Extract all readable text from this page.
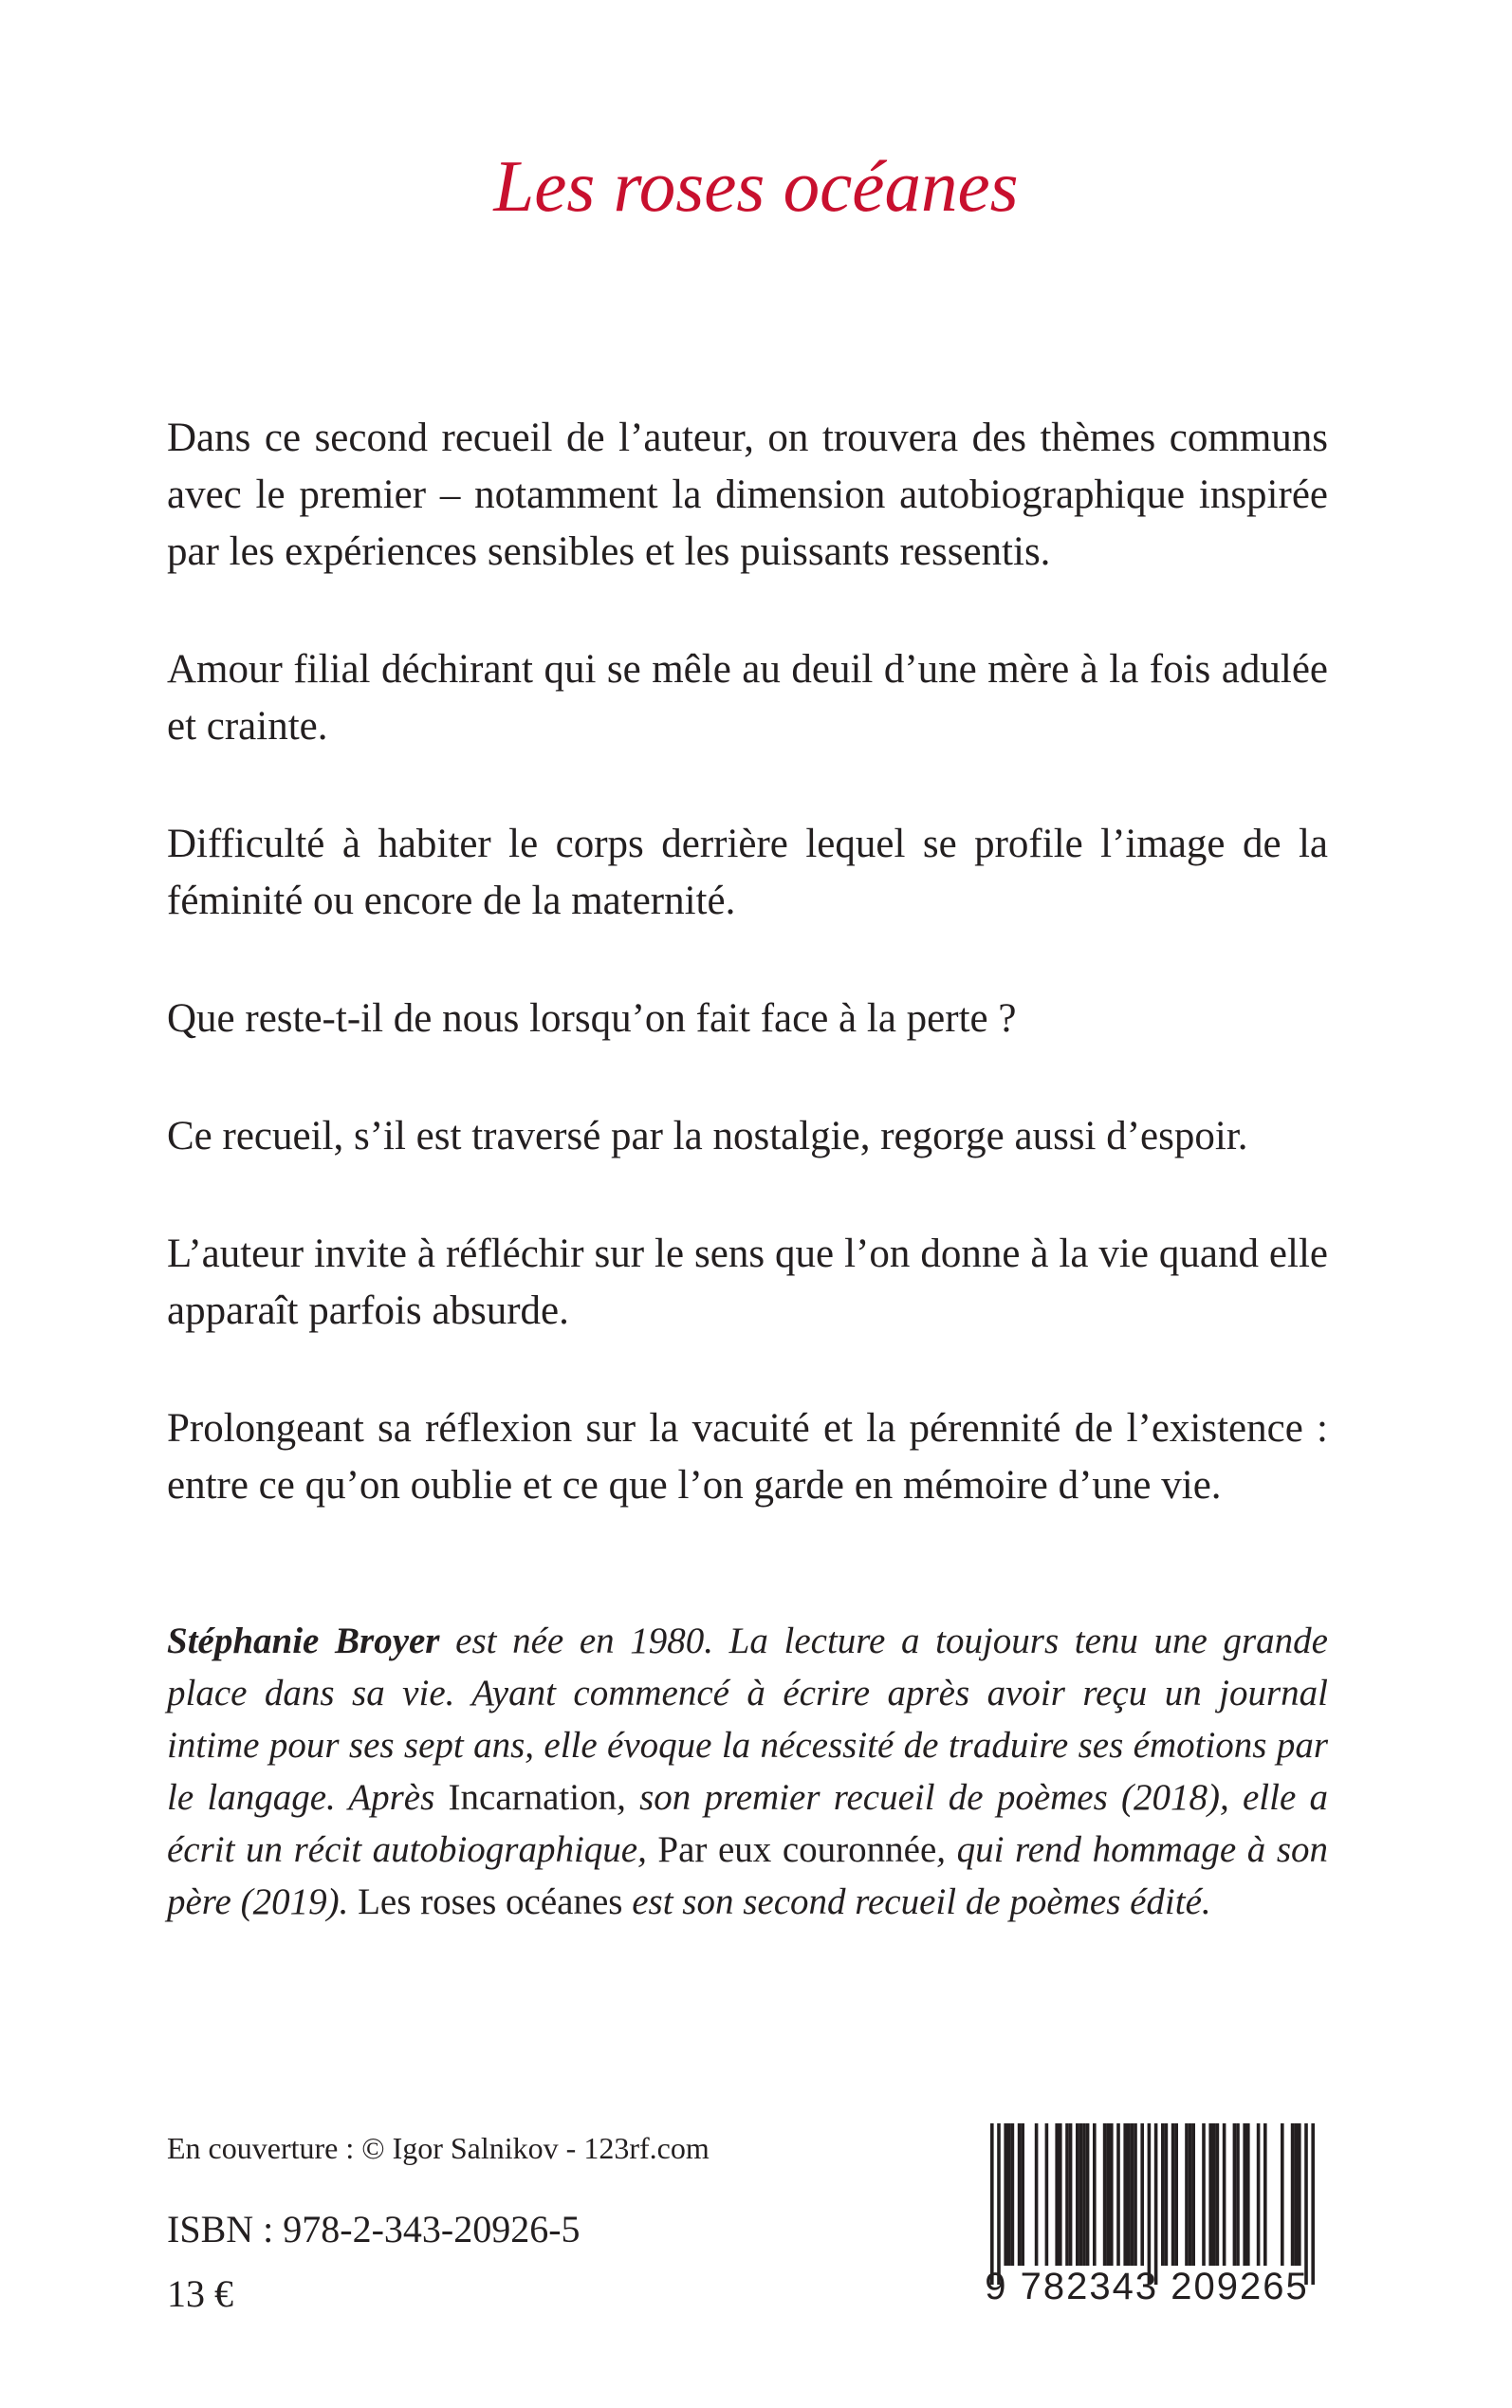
Les roses océanes

Dans ce second recueil de l’auteur, on trouvera des thèmes communs avec le premier – notamment la dimension autobiographique inspirée par les expériences sensibles et les puissants ressentis.

Amour filial déchirant qui se mêle au deuil d’une mère à la fois adulée et crainte.

Difficulté à habiter le corps derrière lequel se profile l’image de la féminité ou encore de la maternité.

Que reste-t-il de nous lorsqu’on fait face à la perte ?

Ce recueil, s’il est traversé par la nostalgie, regorge aussi d’espoir.

L’auteur invite à réfléchir sur le sens que l’on donne à la vie quand elle apparaît parfois absurde.

Prolongeant sa réflexion sur la vacuité et la pérennité de l’existence : entre ce qu’on oublie et ce que l’on garde en mémoire d’une vie.

Stéphanie Broyer est née en 1980. La lecture a toujours tenu une grande place dans sa vie. Ayant commencé à écrire après avoir reçu un journal intime pour ses sept ans, elle évoque la nécessité de traduire ses émotions par le langage. Après Incarnation, son premier recueil de poèmes (2018), elle a écrit un récit autobiographique, Par eux couronnée, qui rend hommage à son père (2019). Les roses océanes est son second recueil de poèmes édité.
En couverture : © Igor Salnikov - 123rf.com
ISBN : 978-2-343-20926-5
13 €	9 782343 209265
